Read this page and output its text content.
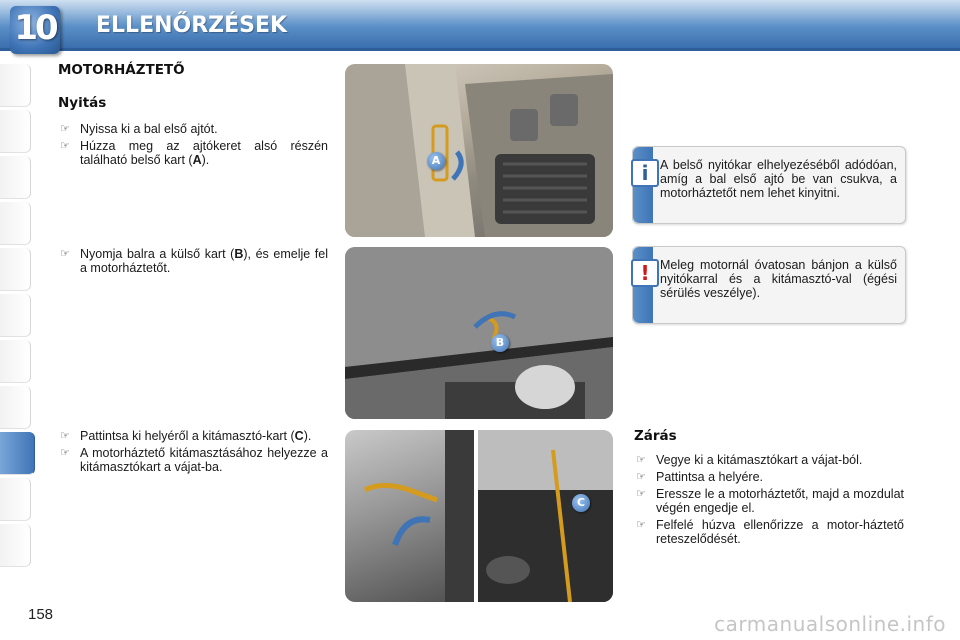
10 ELLENŐRZÉSEK
158
MOTORHÁZTETŐ
Nyitás
☞ Nyissa ki a bal első ajtót.
☞ Húzza meg az ajtókeret alsó részén található belső kart (A).
☞ Nyomja balra a külső kart (B), és emelje fel a motorháztetőt.
☞ Pattintsa ki helyéről a kitámasztó-kart (C).
☞ A motorháztető kitámasztásához helyezze a kitámasztókart a vájat-ba.
A
B
C
i A belső nyitókar elhelyezéséből adódóan, amíg a bal első ajtó be van csukva, a motorháztetőt nem lehet kinyitni.
! Meleg motornál óvatosan bánjon a külső nyitókarral és a kitámasztó-val (égési sérülés veszélye).
Zárás
☞ Vegye ki a kitámasztókart a vájat-ból.
☞ Pattintsa a helyére.
☞ Eressze le a motorháztetőt, majd a mozdulat végén engedje el.
☞ Felfelé húzva ellenőrizze a motor-háztető reteszelődését.
carmanualsonline.info
